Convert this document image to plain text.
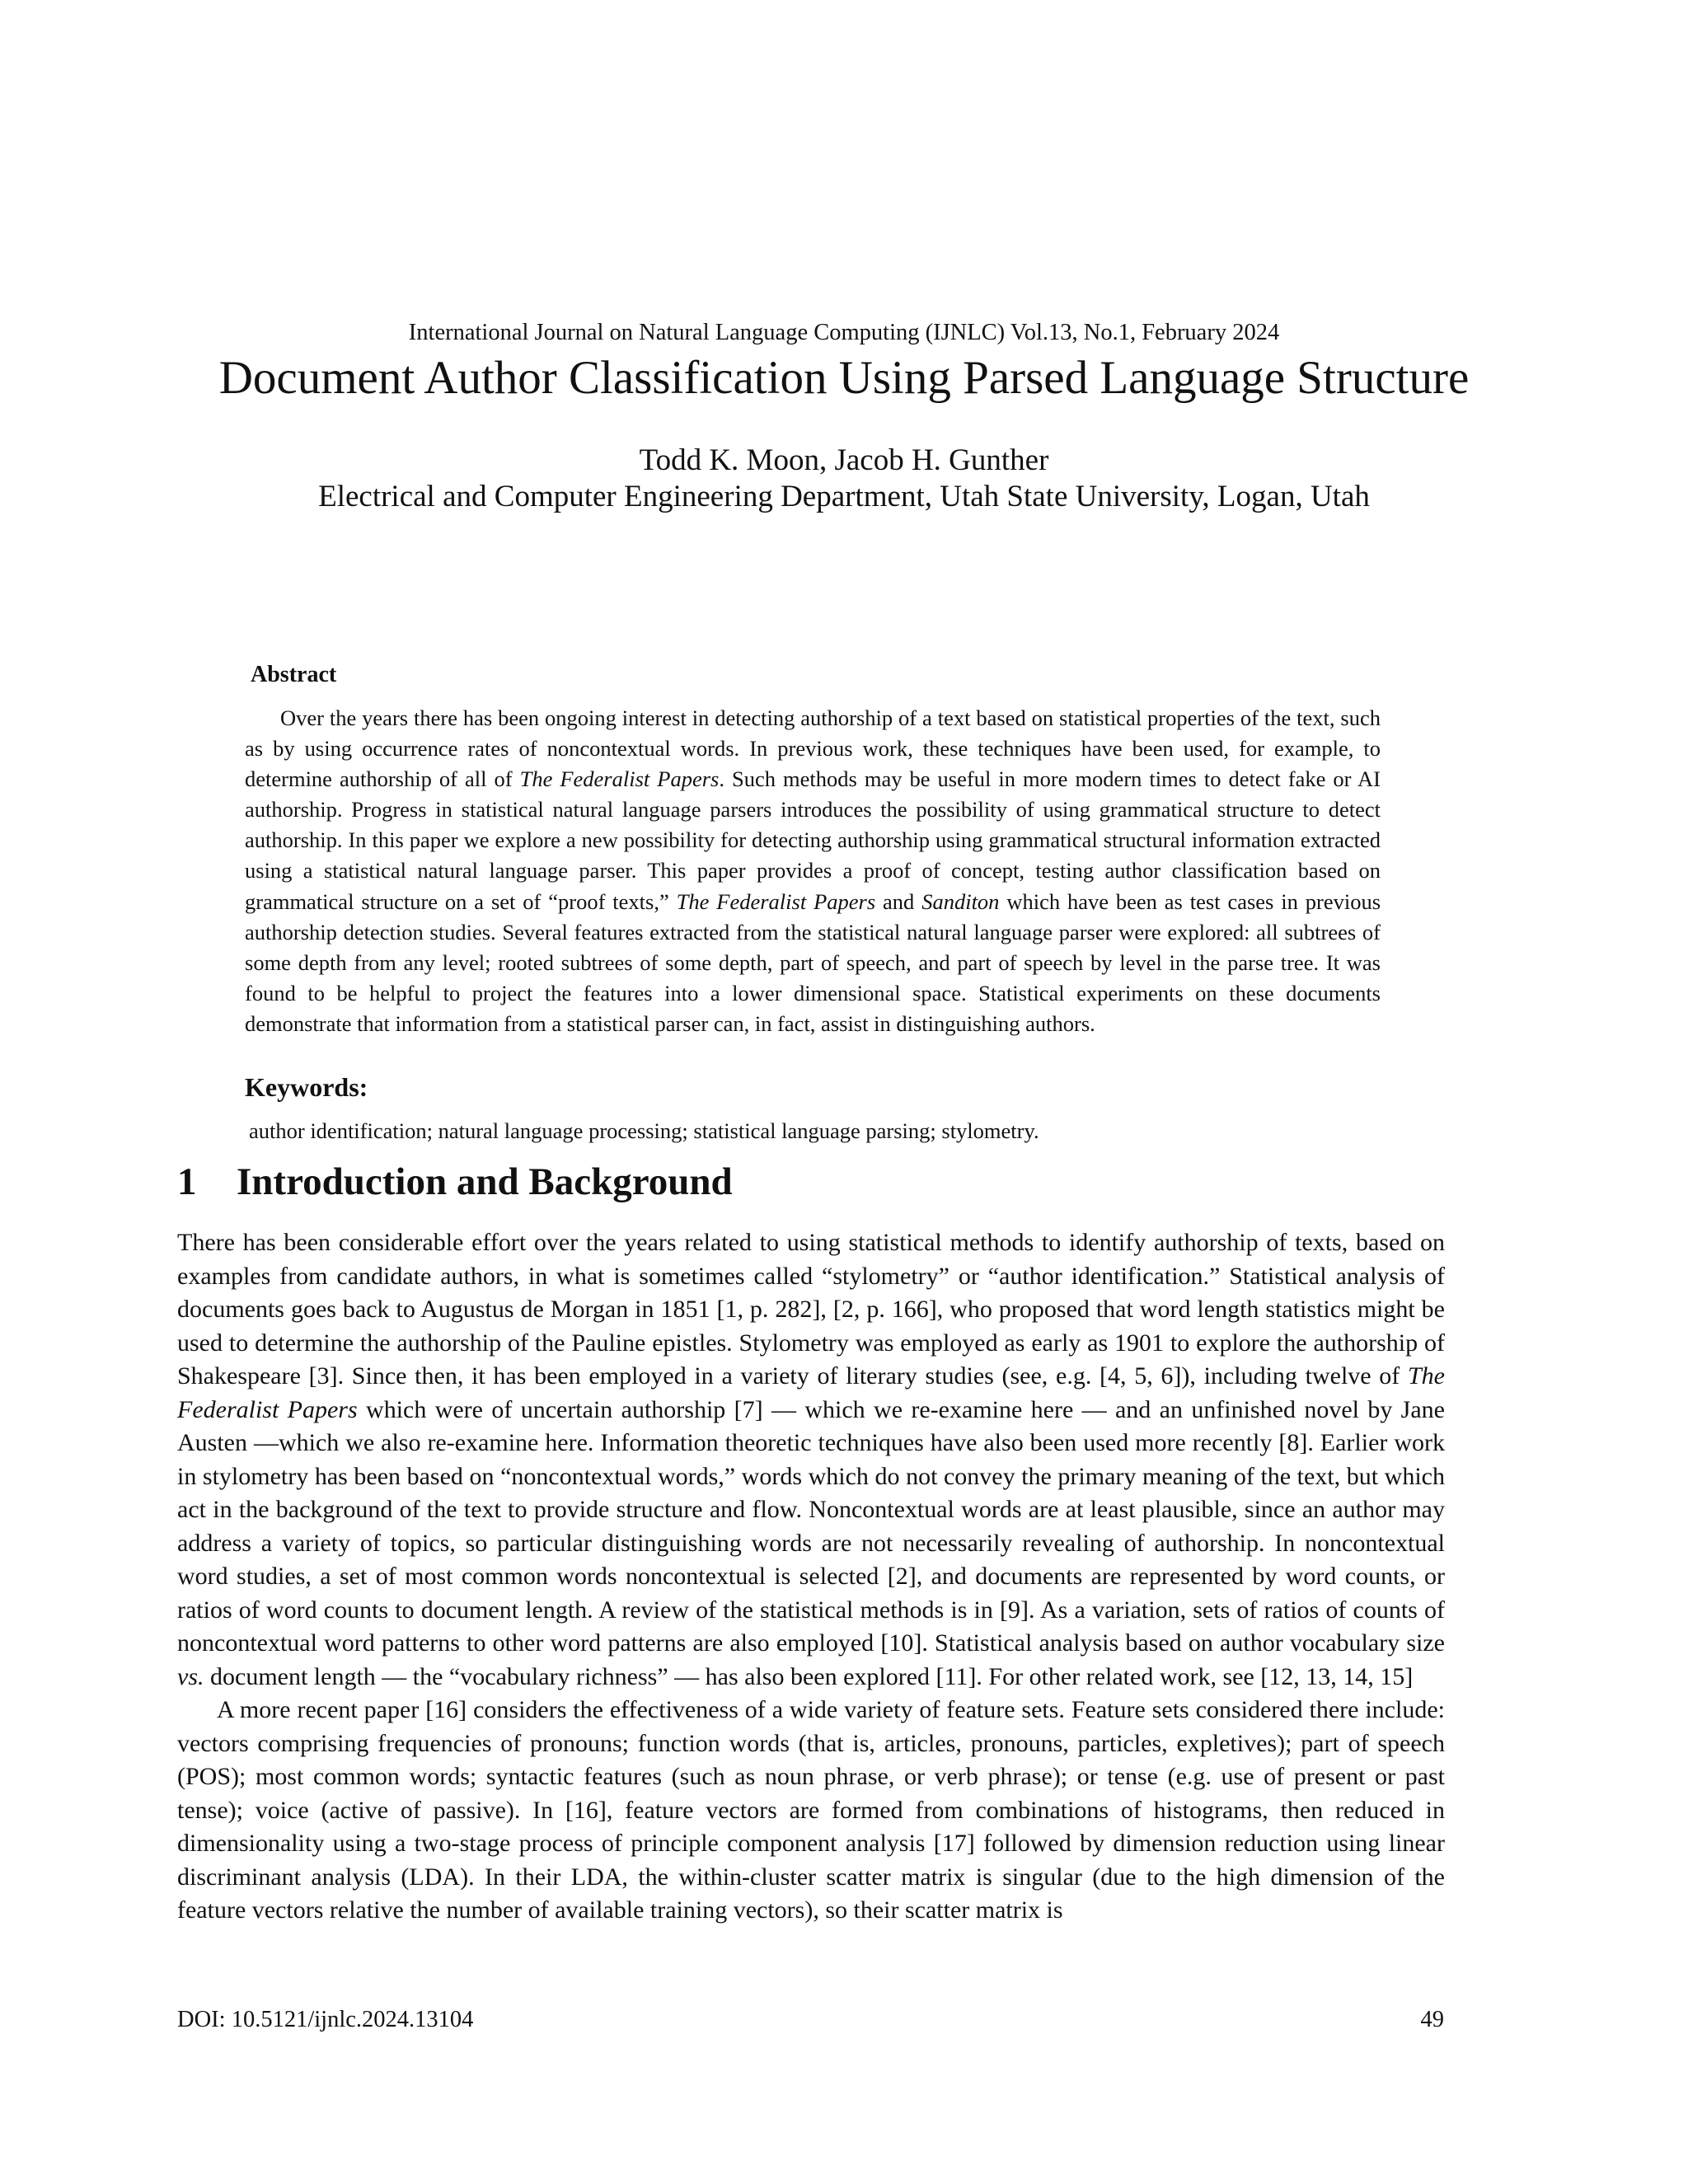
International Journal on Natural Language Computing (IJNLC) Vol.13, No.1, February 2024
Document Author Classification Using Parsed Language Structure
Todd K. Moon, Jacob H. Gunther
Electrical and Computer Engineering Department, Utah State University, Logan, Utah
Abstract

Over the years there has been ongoing interest in detecting authorship of a text based on statistical properties of the text, such as by using occurrence rates of noncontextual words. In previous work, these techniques have been used, for example, to determine authorship of all of The Federalist Papers. Such methods may be useful in more modern times to detect fake or AI authorship. Progress in statistical natural language parsers introduces the possibility of using grammatical structure to detect authorship. In this paper we explore a new possibility for detecting authorship using grammatical structural information extracted using a statistical natural language parser. This paper provides a proof of concept, testing author classification based on grammatical structure on a set of “proof texts,” The Federalist Papers and Sanditon which have been as test cases in previous authorship detection studies. Several features extracted from the statistical natural language parser were explored: all subtrees of some depth from any level; rooted subtrees of some depth, part of speech, and part of speech by level in the parse tree. It was found to be helpful to project the features into a lower dimensional space. Statistical experiments on these documents demonstrate that information from a statistical parser can, in fact, assist in distinguishing authors.

Keywords:
author identification; natural language processing; statistical language parsing; stylometry.
1 Introduction and Background

There has been considerable effort over the years related to using statistical methods to identify authorship of texts, based on examples from candidate authors, in what is sometimes called “stylometry” or “author identification.” Statistical analysis of documents goes back to Augustus de Morgan in 1851 [1, p. 282], [2, p. 166], who proposed that word length statistics might be used to determine the authorship of the Pauline epistles. Stylometry was employed as early as 1901 to explore the authorship of Shakespeare [3]. Since then, it has been employed in a variety of literary studies (see, e.g. [4, 5, 6]), including twelve of The Federalist Papers which were of uncertain authorship [7] — which we re-examine here — and an unfinished novel by Jane Austen —which we also re-examine here. Information theoretic techniques have also been used more recently [8]. Earlier work in stylometry has been based on “noncontextual words,” words which do not convey the primary meaning of the text, but which act in the background of the text to provide structure and flow. Noncontextual words are at least plausible, since an author may address a variety of topics, so particular distinguishing words are not necessarily revealing of authorship. In noncontextual word studies, a set of most common words noncontextual is selected [2], and documents are represented by word counts, or ratios of word counts to document length. A review of the statistical methods is in [9]. As a variation, sets of ratios of counts of noncontextual word patterns to other word patterns are also employed [10]. Statistical analysis based on author vocabulary size vs. document length — the “vocabulary richness” — has also been explored [11]. For other related work, see [12, 13, 14, 15]

A more recent paper [16] considers the effectiveness of a wide variety of feature sets. Feature sets considered there include: vectors comprising frequencies of pronouns; function words (that is, articles, pronouns, particles, expletives); part of speech (POS); most common words; syntactic features (such as noun phrase, or verb phrase); or tense (e.g. use of present or past tense); voice (active of passive). In [16], feature vectors are formed from combinations of histograms, then reduced in dimensionality using a two-stage process of principle component analysis [17] followed by dimension reduction using linear discriminant analysis (LDA). In their LDA, the within-cluster scatter matrix is singular (due to the high dimension of the feature vectors relative the number of available training vectors), so their scatter matrix is

DOI: 10.5121/ijnlc.2024.13104	49
